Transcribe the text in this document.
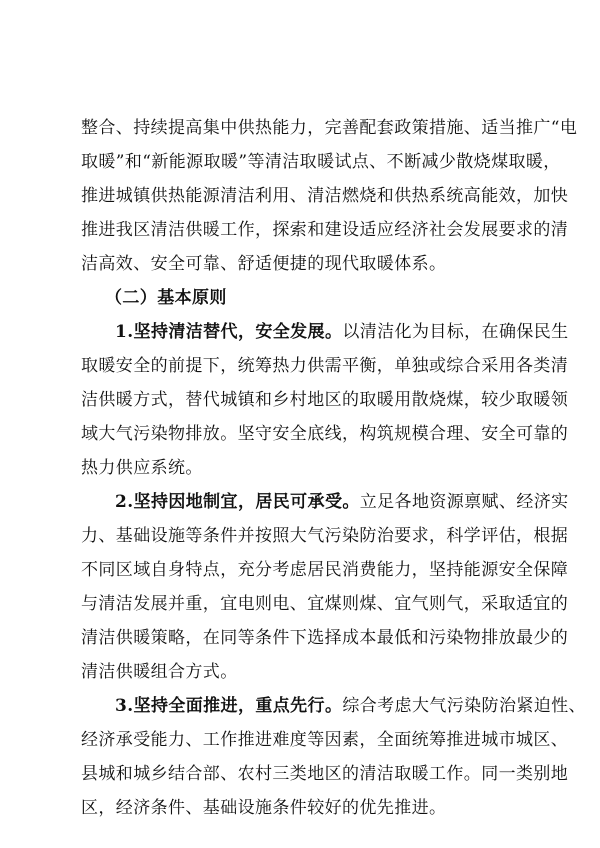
整合、持续提高集中供热能力，完善配套政策措施、适当推广“电
取暖”和“新能源取暖”等清洁取暖试点、不断减少散烧煤取暖，
推进城镇供热能源清洁利用、清洁燃烧和供热系统高能效，加快
推进我区清洁供暖工作，探索和建设适应经济社会发展要求的清
洁高效、安全可靠、舒适便捷的现代取暖体系。
（二）基本原则
1.坚持清洁替代，安全发展。以清洁化为目标，在确保民生
取暖安全的前提下，统筹热力供需平衡，单独或综合采用各类清
洁供暖方式，替代城镇和乡村地区的取暖用散烧煤，较少取暖领
域大气污染物排放。坚守安全底线，构筑规模合理、安全可靠的
热力供应系统。
2.坚持因地制宜，居民可承受。立足各地资源禀赋、经济实
力、基础设施等条件并按照大气污染防治要求，科学评估，根据
不同区域自身特点，充分考虑居民消费能力，坚持能源安全保障
与清洁发展并重，宜电则电、宜煤则煤、宜气则气，采取适宜的
清洁供暖策略，在同等条件下选择成本最低和污染物排放最少的
清洁供暖组合方式。
3.坚持全面推进，重点先行。综合考虑大气污染防治紧迫性、
经济承受能力、工作推进难度等因素，全面统筹推进城市城区、
县城和城乡结合部、农村三类地区的清洁取暖工作。同一类别地
区，经济条件、基础设施条件较好的优先推进。
